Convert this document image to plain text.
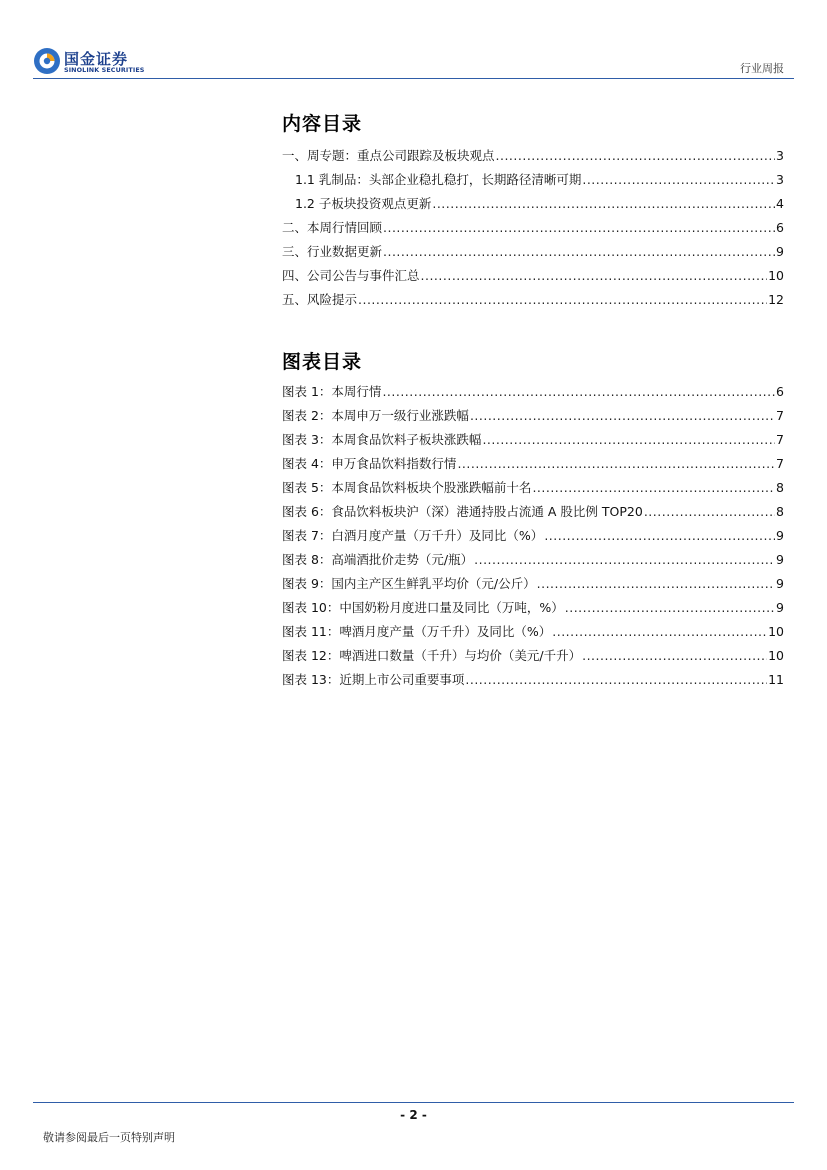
国金证券
SINOLINK SECURITIES	行业周报
内容目录
一、周专题：重点公司跟踪及板块观点 .....	3
1.1 乳制品：头部企业稳扎稳打，长期路径清晰可期 .....	3
1.2 子板块投资观点更新 .....	4
二、本周行情回顾 .....	6
三、行业数据更新 .....	9
四、公司公告与事件汇总 .....	10
五、风险提示 .....	12
图表目录
图表 1：本周行情 .....	6
图表 2：本周申万一级行业涨跌幅 .....	7
图表 3：本周食品饮料子板块涨跌幅 .....	7
图表 4：申万食品饮料指数行情 .....	7
图表 5：本周食品饮料板块个股涨跌幅前十名 .....	8
图表 6：食品饮料板块沪（深）港通持股占流通 A 股比例 TOP20 .....	8
图表 7：白酒月度产量（万千升）及同比（%） .....	9
图表 8：高端酒批价走势（元/瓶） .....	9
图表 9：国内主产区生鲜乳平均价（元/公斤） .....	9
图表 10：中国奶粉月度进口量及同比（万吨，%） .....	9
图表 11：啤酒月度产量（万千升）及同比（%） .....	10
图表 12：啤酒进口数量（千升）与均价（美元/千升） .....	10
图表 13：近期上市公司重要事项 .....	11
- 2 -
敬请参阅最后一页特别声明
